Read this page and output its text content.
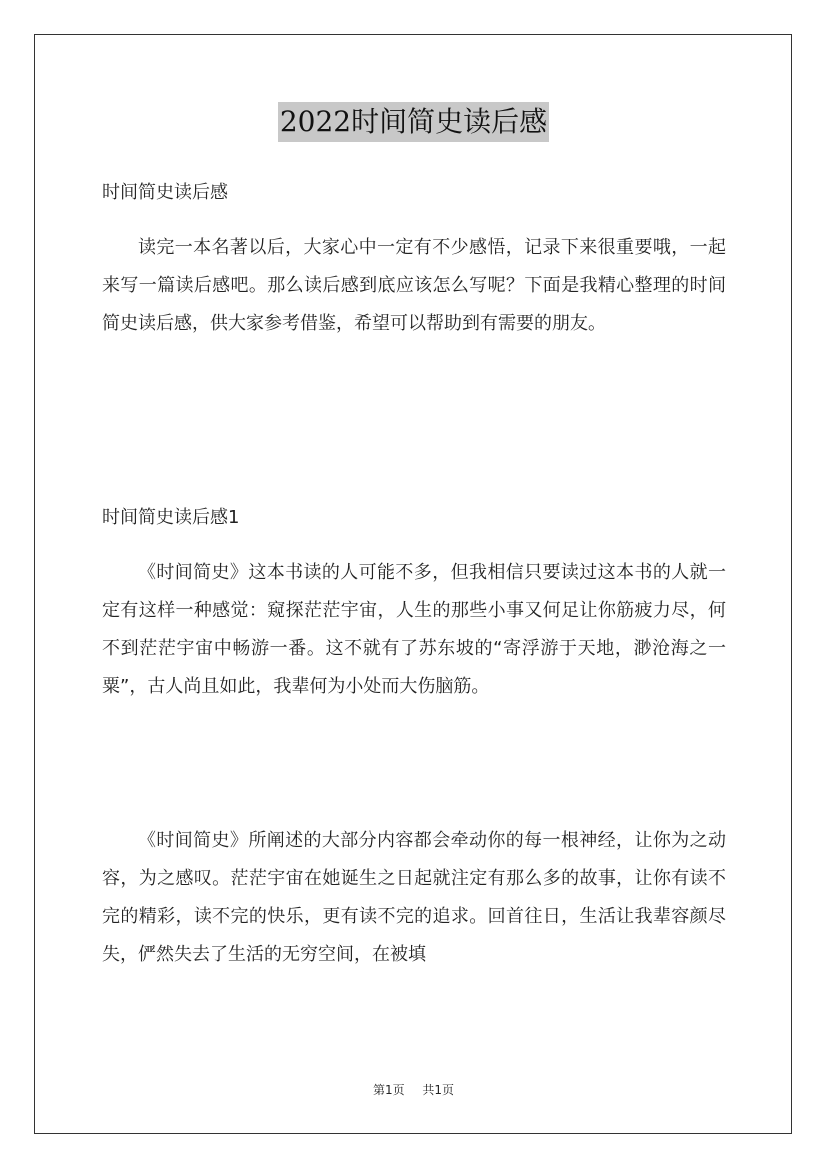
2022时间简史读后感

时间简史读后感

读完一本名著以后，大家心中一定有不少感悟，记录下来很重要哦，一起来写一篇读后感吧。那么读后感到底应该怎么写呢？下面是我精心整理的时间简史读后感，供大家参考借鉴，希望可以帮助到有需要的朋友。

时间简史读后感1

《时间简史》这本书读的人可能不多，但我相信只要读过这本书的人就一定有这样一种感觉：窥探茫茫宇宙，人生的那些小事又何足让你筋疲力尽，何不到茫茫宇宙中畅游一番。这不就有了苏东坡的“寄浮游于天地，渺沧海之一粟”，古人尚且如此，我辈何为小处而大伤脑筋。

《时间简史》所阐述的大部分内容都会牵动你的每一根神经，让你为之动容，为之感叹。茫茫宇宙在她诞生之日起就注定有那么多的故事，让你有读不完的精彩，读不完的快乐，更有读不完的追求。回首往日，生活让我辈容颜尽失，俨然失去了生活的无穷空间，在被填

第1页 共1页
